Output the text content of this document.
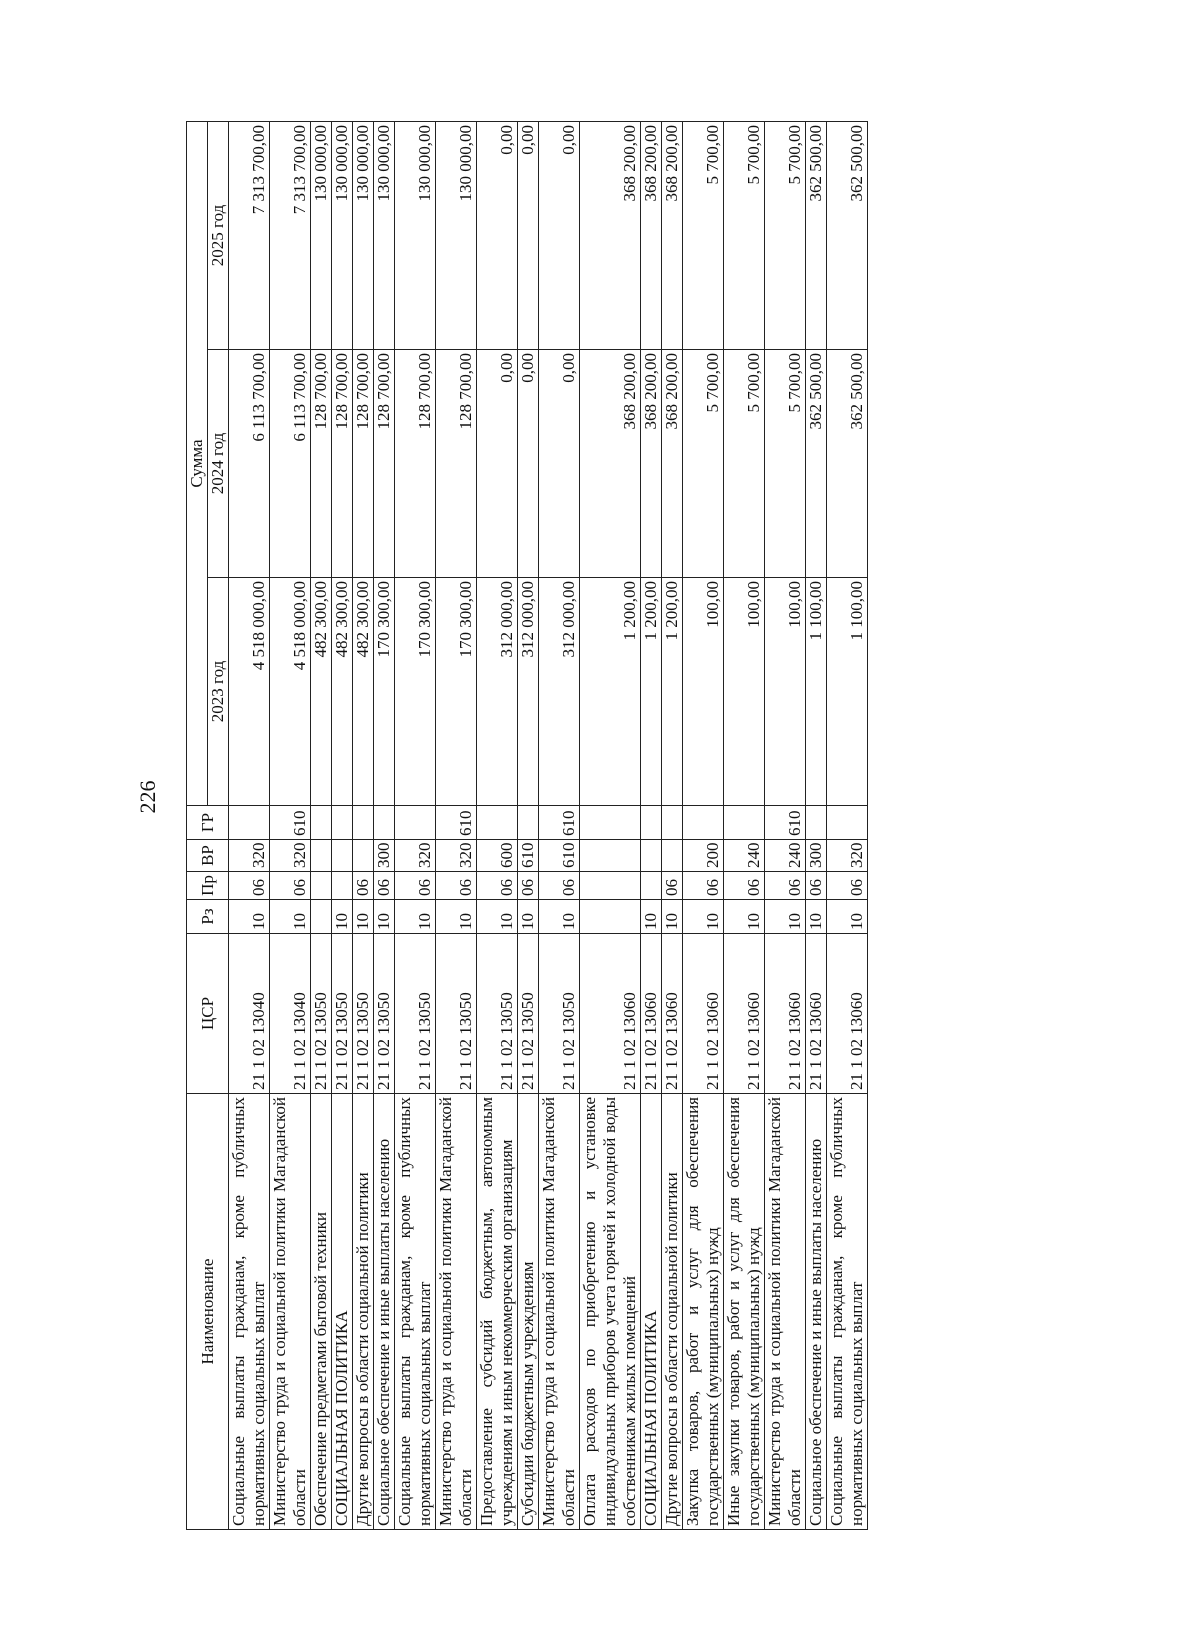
226
Наименование	ЦСР	Рз	Пр	ВР	ГР	Сумма		
						2023 год	2024 год	2025 год
Социальные выплаты гражданам, кроме публичных нормативных социальных выплат	21 1 02 13040	10	06	320		4 518 000,00	6 113 700,00	7 313 700,00
Министерство труда и социальной политики Магаданской области	21 1 02 13040	10	06	320	610	4 518 000,00	6 113 700,00	7 313 700,00
Обеспечение предметами бытовой техники	21 1 02 13050					482 300,00	128 700,00	130 000,00
СОЦИАЛЬНАЯ ПОЛИТИКА	21 1 02 13050	10				482 300,00	128 700,00	130 000,00
Другие вопросы в области социальной политики	21 1 02 13050	10	06			482 300,00	128 700,00	130 000,00
Социальное обеспечение и иные выплаты населению	21 1 02 13050	10	06	300		170 300,00	128 700,00	130 000,00
Социальные выплаты гражданам, кроме публичных нормативных социальных выплат	21 1 02 13050	10	06	320		170 300,00	128 700,00	130 000,00
Министерство труда и социальной политики Магаданской области	21 1 02 13050	10	06	320	610	170 300,00	128 700,00	130 000,00
Предоставление субсидий бюджетным, автономным учреждениям и иным некоммерческим организациям	21 1 02 13050	10	06	600		312 000,00	0,00	0,00
Субсидии бюджетным учреждениям	21 1 02 13050	10	06	610		312 000,00	0,00	0,00
Министерство труда и социальной политики Магаданской области	21 1 02 13050	10	06	610	610	312 000,00	0,00	0,00
Оплата расходов по приобретению и установке индивидуальных приборов учета горячей и холодной воды собственникам жилых помещений	21 1 02 13060					1 200,00	368 200,00	368 200,00
СОЦИАЛЬНАЯ ПОЛИТИКА	21 1 02 13060	10				1 200,00	368 200,00	368 200,00
Другие вопросы в области социальной политики	21 1 02 13060	10	06			1 200,00	368 200,00	368 200,00
Закупка товаров, работ и услуг для обеспечения государственных (муниципальных) нужд	21 1 02 13060	10	06	200		100,00	5 700,00	5 700,00
Иные закупки товаров, работ и услуг для обеспечения государственных (муниципальных) нужд	21 1 02 13060	10	06	240		100,00	5 700,00	5 700,00
Министерство труда и социальной политики Магаданской области	21 1 02 13060	10	06	240	610	100,00	5 700,00	5 700,00
Социальное обеспечение и иные выплаты населению	21 1 02 13060	10	06	300		1 100,00	362 500,00	362 500,00
Социальные выплаты гражданам, кроме публичных нормативных социальных выплат	21 1 02 13060	10	06	320		1 100,00	362 500,00	362 500,00
